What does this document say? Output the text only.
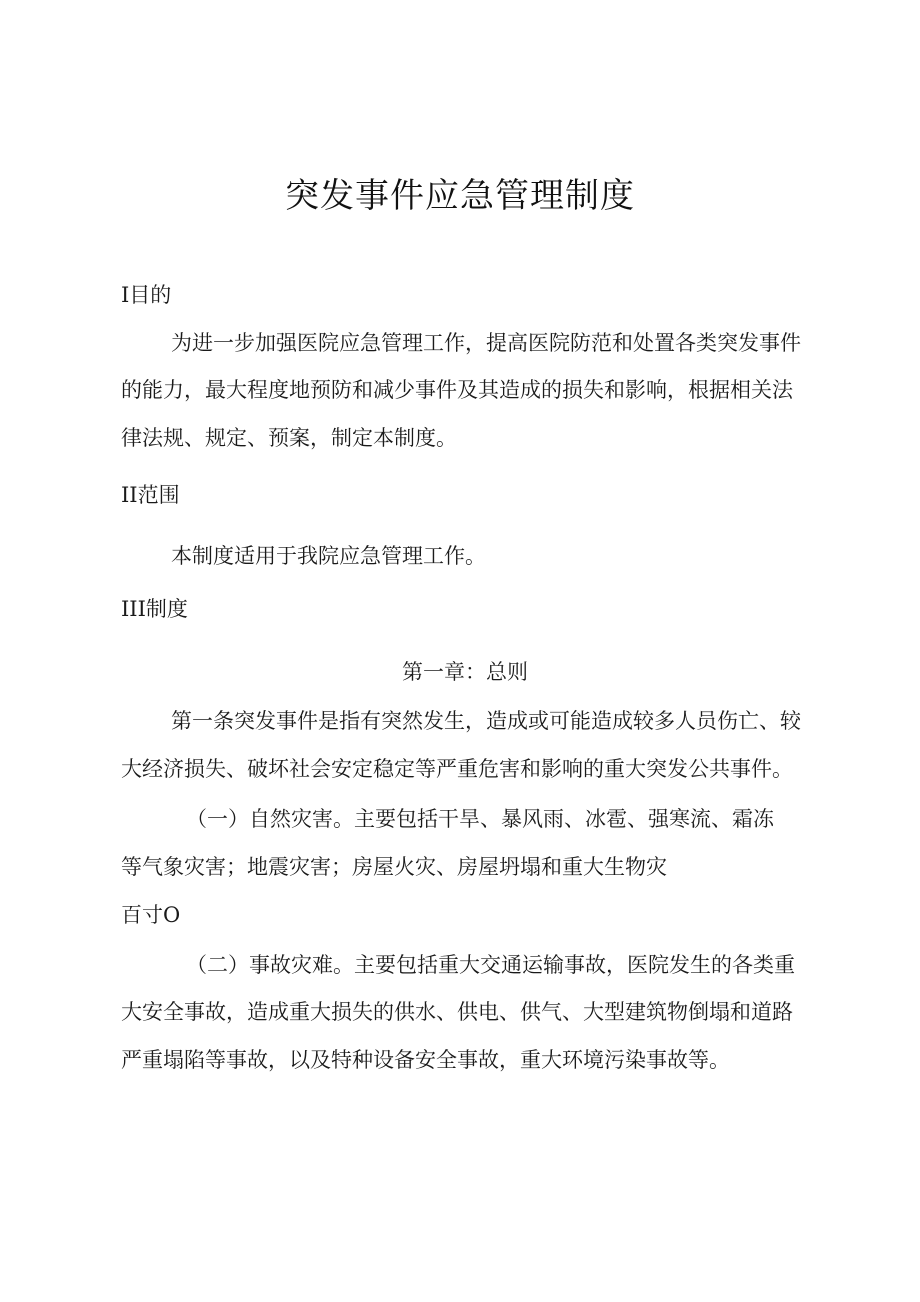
突发事件应急管理制度
I目的
为进一步加强医院应急管理工作，提高医院防范和处置各类突发事件
的能力，最大程度地预防和减少事件及其造成的损失和影响，根据相关法
律法规、规定、预案，制定本制度。
II范围
本制度适用于我院应急管理工作。
III制度
第一章：总则
第一条突发事件是指有突然发生，造成或可能造成较多人员伤亡、较
大经济损失、破坏社会安定稳定等严重危害和影响的重大突发公共事件。
（一）自然灾害。主要包括干旱、暴风雨、冰雹、强寒流、霜冻
等气象灾害；地震灾害；房屋火灾、房屋坍塌和重大生物灾
百寸O
（二）事故灾难。主要包括重大交通运输事故，医院发生的各类重
大安全事故，造成重大损失的供水、供电、供气、大型建筑物倒塌和道路
严重塌陷等事故，以及特种设备安全事故，重大环境污染事故等。
